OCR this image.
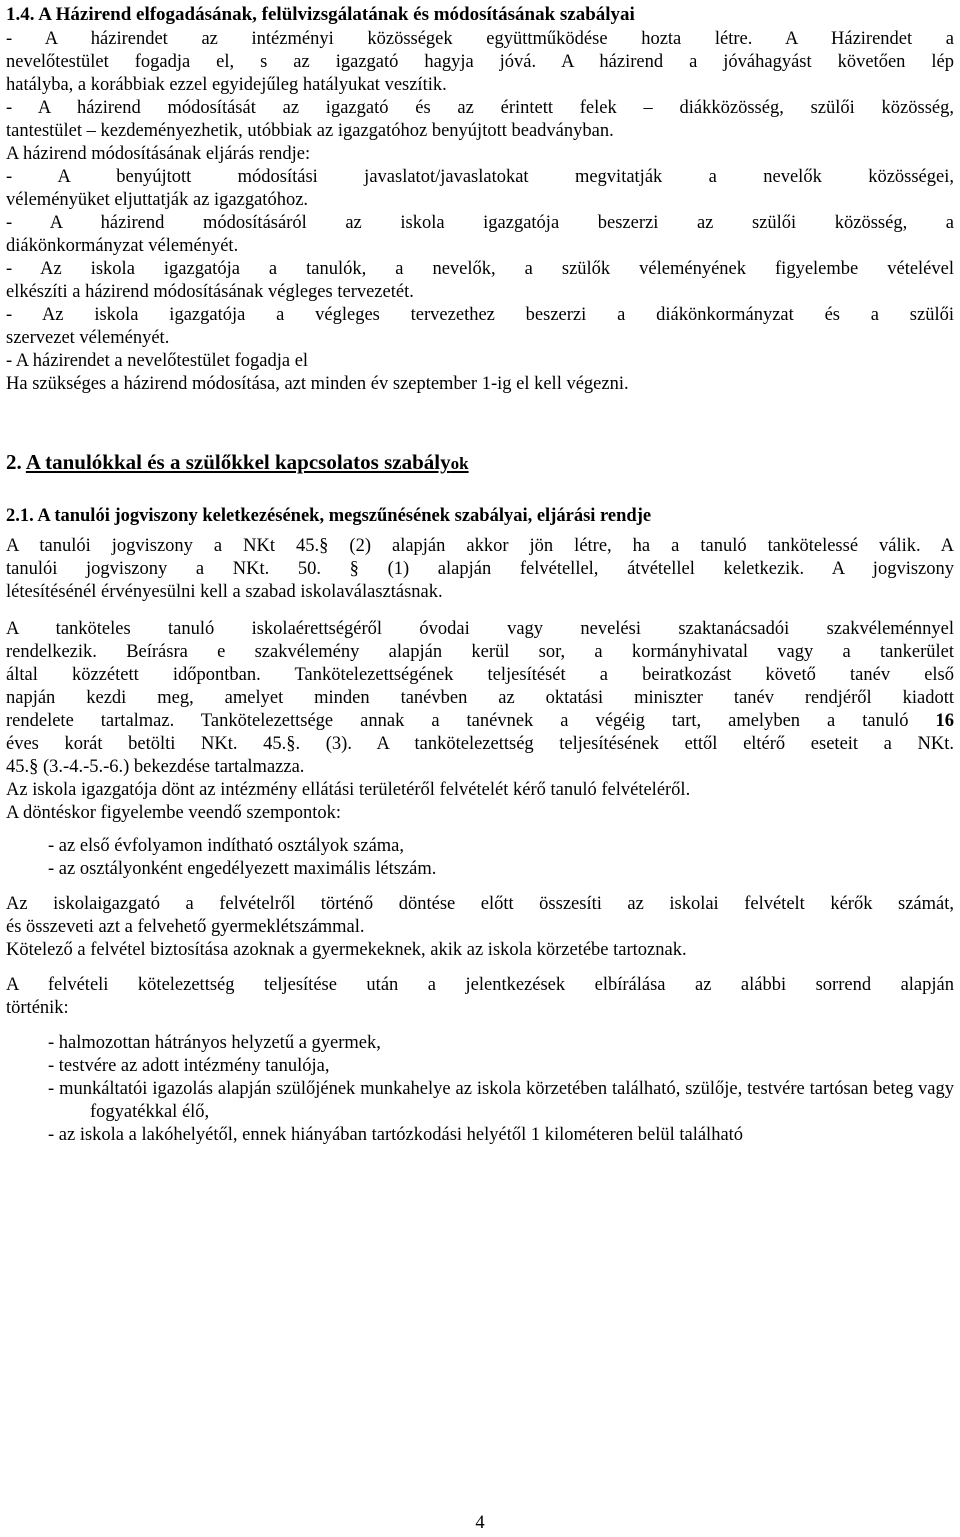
1.4. A Házirend elfogadásának, felülvizsgálatának és módosításának szabályai

- A házirendet az intézményi közösségek együttműködése hozta létre. A Házirendet a

nevelőtestület fogadja el, s az igazgató hagyja jóvá. A házirend a jóváhagyást követően lép

hatályba, a korábbiak ezzel egyidejűleg hatályukat veszítik.

- A házirend módosítását az igazgató és az érintett felek – diákközösség, szülői közösség,

tantestület – kezdeményezhetik, utóbbiak az igazgatóhoz benyújtott beadványban.

A házirend módosításának eljárás rendje:

- A benyújtott módosítási javaslatot/javaslatokat megvitatják a nevelők közösségei,

véleményüket eljuttatják az igazgatóhoz.

- A házirend módosításáról az iskola igazgatója beszerzi az szülői közösség, a

diákönkormányzat véleményét.

- Az iskola igazgatója a tanulók, a nevelők, a szülők véleményének figyelembe vételével

elkészíti a házirend módosításának végleges tervezetét.

- Az iskola igazgatója a végleges tervezethez beszerzi a diákönkormányzat és a szülői

szervezet véleményét.

- A házirendet a nevelőtestület fogadja el

Ha szükséges a házirend módosítása, azt minden év szeptember 1-ig el kell végezni.

2. A tanulókkal és a szülőkkel kapcsolatos szabályok

2.1. A tanulói jogviszony keletkezésének, megszűnésének szabályai, eljárási rendje

A tanulói jogviszony a NKt 45.§ (2) alapján akkor jön létre, ha a tanuló tankötelessé válik. A

tanulói jogviszony a NKt. 50. § (1) alapján felvétellel, átvétellel keletkezik. A jogviszony

létesítésénél érvényesülni kell a szabad iskolaválasztásnak.

A tanköteles tanuló iskolaérettségéről óvodai vagy nevelési szaktanácsadói szakvéleménnyel

rendelkezik. Beírásra e szakvélemény alapján kerül sor, a kormányhivatal vagy a tankerület

által közzétett időpontban. Tankötelezettségének teljesítését a beiratkozást követő tanév első

napján kezdi meg, amelyet minden tanévben az oktatási miniszter tanév rendjéről kiadott

rendelete tartalmaz. Tankötelezettsége annak a tanévnek a végéig tart, amelyben a tanuló 16

éves korát betölti NKt. 45.§. (3). A tankötelezettség teljesítésének ettől eltérő eseteit a NKt.

45.§ (3.-4.-5.-6.) bekezdése tartalmazza.

Az iskola igazgatója dönt az intézmény ellátási területéről felvételét kérő tanuló felvételéről.

A döntéskor figyelembe veendő szempontok:

- az első évfolyamon indítható osztályok száma,

- az osztályonként engedélyezett maximális létszám.

Az iskolaigazgató a felvételről történő döntése előtt összesíti az iskolai felvételt kérők számát,

és összeveti azt a felvehető gyermeklétszámmal.

Kötelező a felvétel biztosítása azoknak a gyermekeknek, akik az iskola körzetébe tartoznak.

A felvételi kötelezettség teljesítése után a jelentkezések elbírálása az alábbi sorrend alapján

történik:

- halmozottan hátrányos helyzetű a gyermek,

- testvére az adott intézmény tanulója,

- munkáltatói igazolás alapján szülőjének munkahelye az iskola körzetében található, szülője, testvére tartósan beteg vagy fogyatékkal élő,

- az iskola a lakóhelyétől, ennek hiányában tartózkodási helyétől 1 kilométeren belül található

4
